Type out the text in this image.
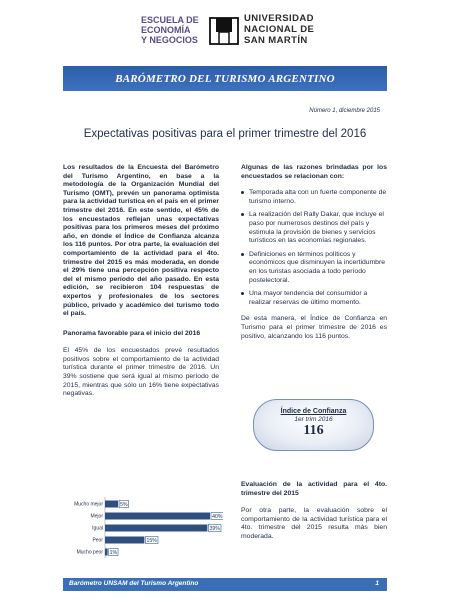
ESCUELA DE
ECONOMÍA
Y NEGOCIOS
UNIVERSIDAD
NACIONAL DE
SAN MARTÍN
BARÓMETRO DEL TURISMO ARGENTINO
Número 1, diciembre 2015
Expectativas positivas para el primer trimestre del 2016

Los resultados de la Encuesta del Barómetro del Turismo Argentino, en base a la metodología de la Organización Mundial del Turismo (OMT), prevén un panorama optimista para la actividad turística en el país en el primer trimestre del 2016. En este sentido, el 45% de los encuestados reflejan unas expectativas positivas para los primeros meses del próximo año, en donde el Índice de Confianza alcanza los 116 puntos. Por otra parte, la evaluación del comportamiento de la actividad para el 4to. trimestre del 2015 es más moderada, en donde el 29% tiene una percepción positiva respecto del el mismo período del año pasado. En esta edición, se recibieron 104 respuestas de expertos y profesionales de los sectores público, privado y académico del turismo todo el país.

Panorama favorable para el inicio del 2016

El 45% de los encuestados prevé resultados positivos sobre el comportamiento de la actividad turística durante el primer trimestre de 2016. Un 39% sostiene que será igual al mismo período de 2015, mientras que sólo un 16% tiene expectativas negativas.

Mucho mejor	5%
Mejor	40%
Igual	39%
Peor	15%
Mucho peor 1%

Algunas de las razones brindadas por los encuestados se relacionan con:

Temporada alta con un fuerte componente de turismo interno.
La realización del Rally Dakar, que incluye el paso por numerosos destinos del país y estimula la provisión de bienes y servicios turísticos en las economías regionales.
Definiciones en términos políticos y económicos que disminuyen la incertidumbre en los turistas asociada a todo período postelectoral.
Una mayor tendencia del consumidor a realizar reservas de último momento.

De esta manera, el Índice de Confianza en Turismo para el primer trimestre de 2016 es positivo, alcanzando los 116 puntos.

Índice de Confianza
1er trim 2016
116

Evaluación de la actividad para el 4to. trimestre del 2015

Por otra parte, la evaluación sobre el comportamiento de la actividad turística para el 4to. trimestre del 2015 resulta más bien moderada.

Barómetro UNSAM del Turismo Argentino	1
